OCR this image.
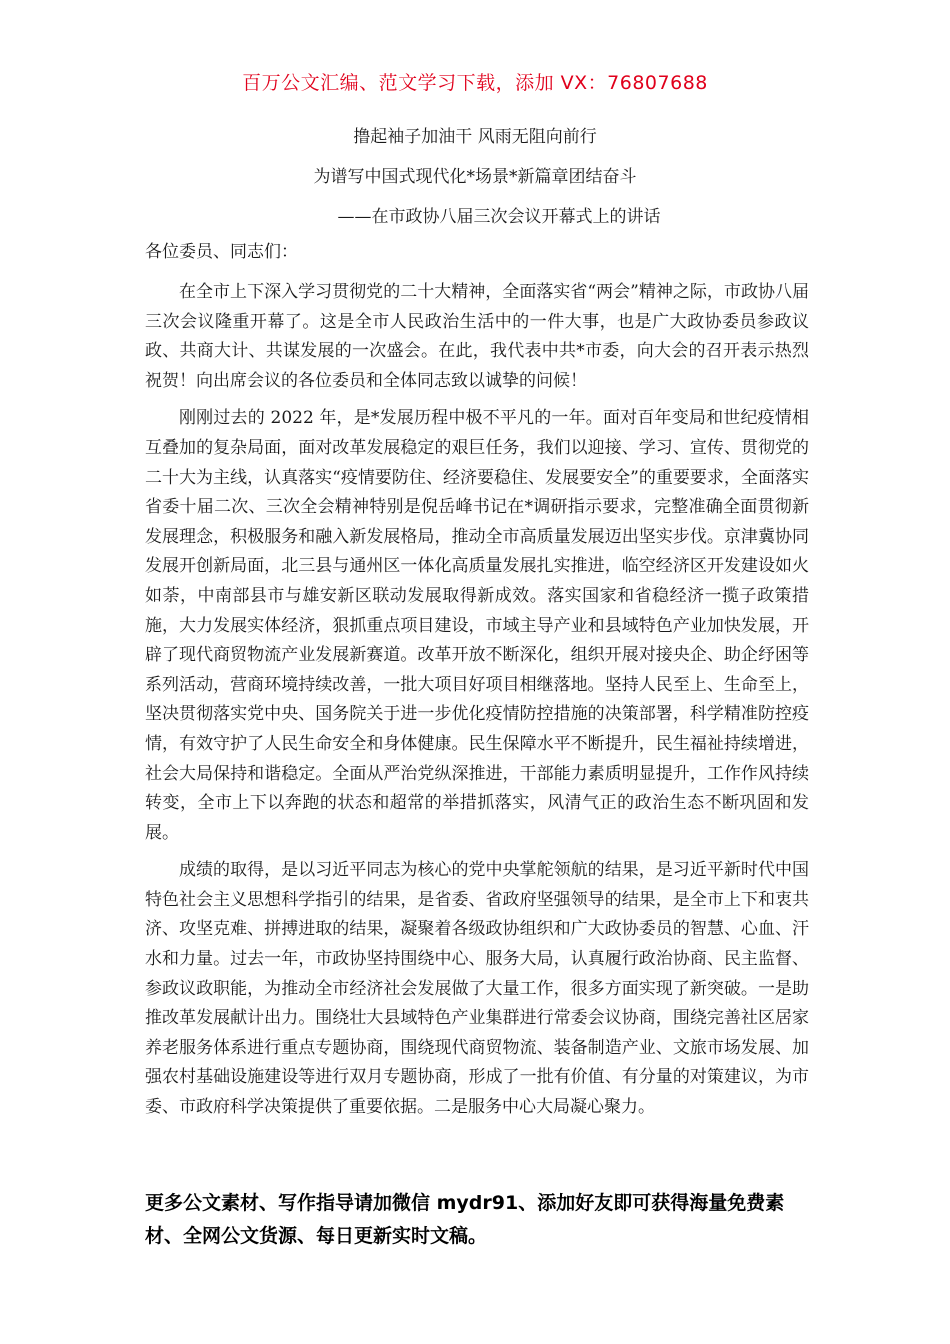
百万公文汇编、范文学习下载，添加 VX：76807688
撸起袖子加油干 风雨无阻向前行
为谱写中国式现代化*场景*新篇章团结奋斗
——在市政协八届三次会议开幕式上的讲话
各位委员、同志们：

在全市上下深入学习贯彻党的二十大精神，全面落实省“两会”精神之际，市政协八届三次会议隆重开幕了。这是全市人民政治生活中的一件大事，也是广大政协委员参政议政、共商大计、共谋发展的一次盛会。在此，我代表中共*市委，向大会的召开表示热烈祝贺！向出席会议的各位委员和全体同志致以诚挚的问候！

刚刚过去的 2022 年，是*发展历程中极不平凡的一年。面对百年变局和世纪疫情相互叠加的复杂局面，面对改革发展稳定的艰巨任务，我们以迎接、学习、宣传、贯彻党的二十大为主线，认真落实“疫情要防住、经济要稳住、发展要安全”的重要要求，全面落实省委十届二次、三次全会精神特别是倪岳峰书记在*调研指示要求，完整准确全面贯彻新发展理念，积极服务和融入新发展格局，推动全市高质量发展迈出坚实步伐。京津冀协同发展开创新局面，北三县与通州区一体化高质量发展扎实推进，临空经济区开发建设如火如荼，中南部县市与雄安新区联动发展取得新成效。落实国家和省稳经济一揽子政策措施，大力发展实体经济，狠抓重点项目建设，市域主导产业和县域特色产业加快发展，开辟了现代商贸物流产业发展新赛道。改革开放不断深化，组织开展对接央企、助企纾困等系列活动，营商环境持续改善，一批大项目好项目相继落地。坚持人民至上、生命至上，坚决贯彻落实党中央、国务院关于进一步优化疫情防控措施的决策部署，科学精准防控疫情，有效守护了人民生命安全和身体健康。民生保障水平不断提升，民生福祉持续增进，社会大局保持和谐稳定。全面从严治党纵深推进，干部能力素质明显提升，工作作风持续转变，全市上下以奔跑的状态和超常的举措抓落实，风清气正的政治生态不断巩固和发展。

成绩的取得，是以习近平同志为核心的党中央掌舵领航的结果，是习近平新时代中国特色社会主义思想科学指引的结果，是省委、省政府坚强领导的结果，是全市上下和衷共济、攻坚克难、拼搏进取的结果，凝聚着各级政协组织和广大政协委员的智慧、心血、汗水和力量。过去一年，市政协坚持围绕中心、服务大局，认真履行政治协商、民主监督、参政议政职能，为推动全市经济社会发展做了大量工作，很多方面实现了新突破。一是助推改革发展献计出力。围绕壮大县域特色产业集群进行常委会议协商，围绕完善社区居家养老服务体系进行重点专题协商，围绕现代商贸物流、装备制造产业、文旅市场发展、加强农村基础设施建设等进行双月专题协商，形成了一批有价值、有分量的对策建议，为市委、市政府科学决策提供了重要依据。二是服务中心大局凝心聚力。

更多公文素材、写作指导请加微信 mydr91、添加好友即可获得海量免费素材、全网公文货源、每日更新实时文稿。
